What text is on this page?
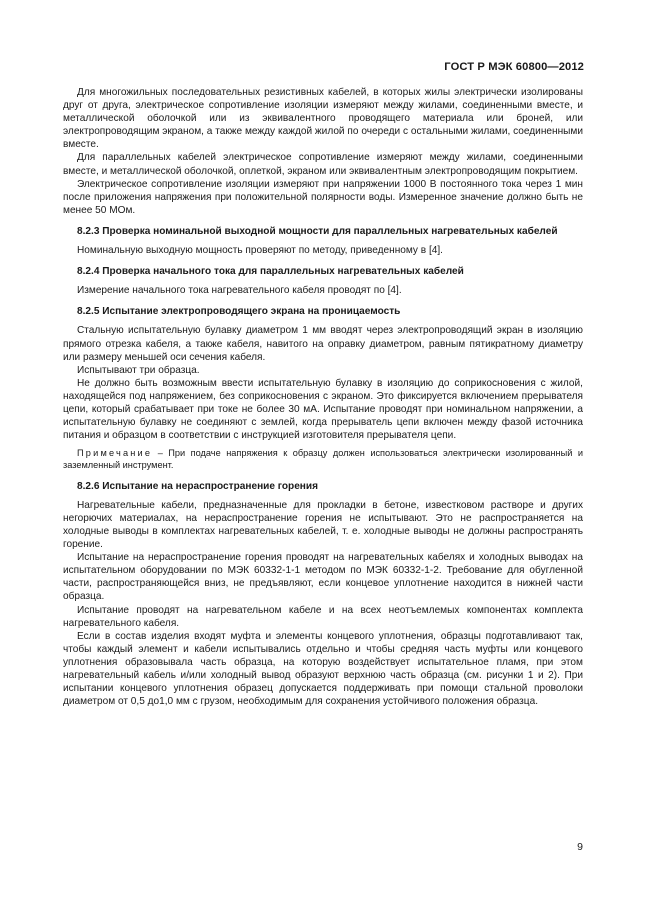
ГОСТ Р МЭК 60800—2012

Для многожильных последовательных резистивных кабелей, в которых жилы электрически изолированы друг от друга, электрическое сопротивление изоляции измеряют между жилами, соединенными вместе, и металлической оболочкой или из эквивалентного проводящего материала или броней, или электропроводящим экраном, а также между каждой жилой по очереди с остальными жилами, соединенными вместе.

Для параллельных кабелей электрическое сопротивление измеряют между жилами, соединенными вместе, и металлической оболочкой, оплеткой, экраном или эквивалентным электропроводящим покрытием.

Электрическое сопротивление изоляции измеряют при напряжении 1000 В постоянного тока через 1 мин после приложения напряжения при положительной полярности воды. Измеренное значение должно быть не менее 50 МОм.

8.2.3 Проверка номинальной выходной мощности для параллельных нагревательных кабелей

Номинальную выходную мощность проверяют по методу, приведенному в [4].

8.2.4 Проверка начального тока для параллельных нагревательных кабелей

Измерение начального тока нагревательного кабеля проводят по [4].

8.2.5 Испытание электропроводящего экрана на проницаемость

Стальную испытательную булавку диаметром 1 мм вводят через электропроводящий экран в изоляцию прямого отрезка кабеля, а также кабеля, навитого на оправку диаметром, равным пятикратному диаметру или размеру меньшей оси сечения кабеля.

Испытывают три образца.

Не должно быть возможным ввести испытательную булавку в изоляцию до соприкосновения с жилой, находящейся под напряжением, без соприкосновения с экраном. Это фиксируется включением прерывателя цепи, который срабатывает при токе не более 30 мА. Испытание проводят при номинальном напряжении, а испытательную булавку не соединяют с землей, когда прерыватель цепи включен между фазой источника питания и образцом в соответствии с инструкцией изготовителя прерывателя цепи.

Примечание – При подаче напряжения к образцу должен использоваться электрически изолированный и заземленный инструмент.

8.2.6 Испытание на нераспространение горения

Нагревательные кабели, предназначенные для прокладки в бетоне, известковом растворе и других негорючих материалах, на нераспространение горения не испытывают. Это не распространяется на холодные выводы в комплектах нагревательных кабелей, т. е. холодные выводы не должны распространять горение.

Испытание на нераспространение горения проводят на нагревательных кабелях и холодных выводах на испытательном оборудовании по МЭК 60332-1-1 методом по МЭК 60332-1-2. Требование для обугленной части, распространяющейся вниз, не предъявляют, если концевое уплотнение находится в нижней части образца.

Испытание проводят на нагревательном кабеле и на всех неотъемлемых компонентах комплекта нагревательного кабеля.

Если в состав изделия входят муфта и элементы концевого уплотнения, образцы подготавливают так, чтобы каждый элемент и кабели испытывались отдельно и чтобы средняя часть муфты или концевого уплотнения образовывала часть образца, на которую воздействует испытательное пламя, при этом нагревательный кабель и/или холодный вывод образуют верхнюю часть образца (см. рисунки 1 и 2). При испытании концевого уплотнения образец допускается поддерживать при помощи стальной проволоки диаметром от 0,5 до1,0 мм с грузом, необходимым для сохранения устойчивого положения образца.

9
